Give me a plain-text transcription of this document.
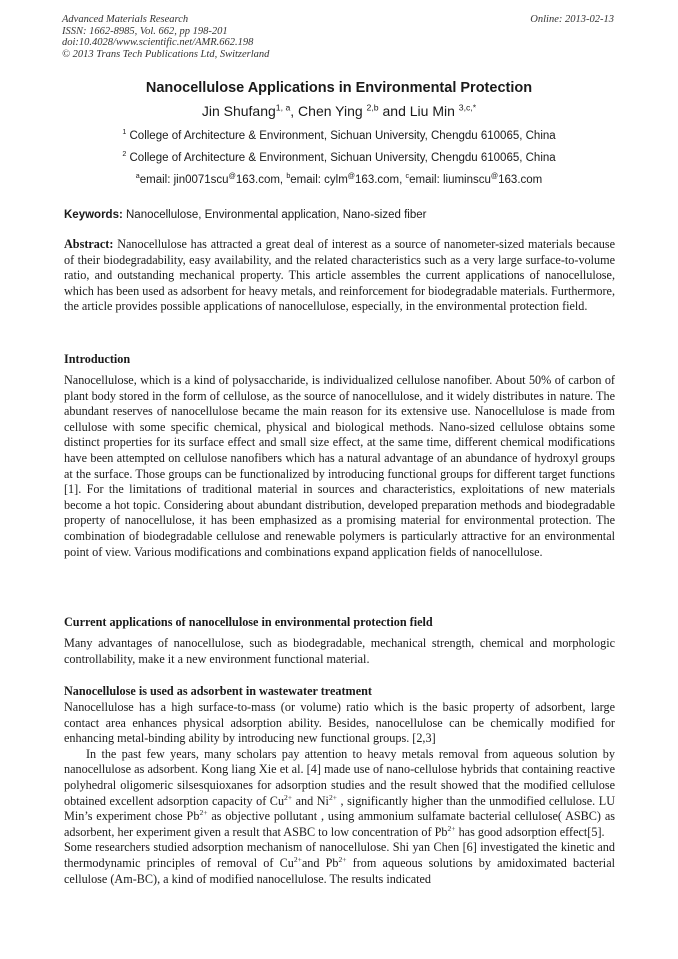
Advanced Materials Research
ISSN: 1662-8985, Vol. 662, pp 198-201
doi:10.4028/www.scientific.net/AMR.662.198
© 2013 Trans Tech Publications Ltd, Switzerland
Online: 2013-02-13
Nanocellulose Applications in Environmental Protection
Jin Shufang$^{1, a}$, Chen Ying $^{2,b}$ and Liu Min $^{3,c,*}$
$^1$ College of Architecture & Environment, Sichuan University, Chengdu 610065, China
$^2$ College of Architecture & Environment, Sichuan University, Chengdu 610065, China
$^a$email: jin0071scu@163.com, $^b$email: cylm@163.com, $^c$email: liuminscu@163.com
Keywords: Nanocellulose, Environmental application, Nano-sized fiber

Abstract: Nanocellulose has attracted a great deal of interest as a source of nanometer-sized materials because of their biodegradability, easy availability, and the related characteristics such as a very large surface-to-volume ratio, and outstanding mechanical property. This article assembles the current applications of nanocellulose, which has been used as adsorbent for heavy metals, and reinforcement for biodegradable materials. Furthermore, the article provides possible applications of nanocellulose, especially, in the environmental protection field.

Introduction

Nanocellulose, which is a kind of polysaccharide, is individualized cellulose nanofiber. About 50% of carbon of plant body stored in the form of cellulose, as the source of nanocellulose, and it widely distributes in nature. The abundant reserves of nanocellulose became the main reason for its extensive use. Nanocellulose is made from cellulose with some specific chemical, physical and biological methods. Nano-sized cellulose obtains some distinct properties for its surface effect and small size effect, at the same time, different chemical modifications have been attempted on cellulose nanofibers which has a natural advantage of an abundance of hydroxyl groups at the surface. Those groups can be functionalized by introducing functional groups for different target functions [1]. For the limitations of traditional material in sources and characteristics, exploitations of new materials become a hot topic. Considering about abundant distribution, developed preparation methods and biodegradable property of nanocellulose, it has been emphasized as a promising material for environmental protection. The combination of biodegradable cellulose and renewable polymers is particularly attractive for an environmental point of view. Various modifications and combinations expand application fields of nanocellulose.

Current applications of nanocellulose in environmental protection field

Many advantages of nanocellulose, such as biodegradable, mechanical strength, chemical and morphologic controllability, make it a new environment functional material.

Nanocellulose is used as adsorbent in wastewater treatment

Nanocellulose has a high surface-to-mass (or volume) ratio which is the basic property of adsorbent, large contact area enhances physical adsorption ability. Besides, nanocellulose can be chemically modified for enhancing metal-binding ability by introducing new functional groups. [2,3]

In the past few years, many scholars pay attention to heavy metals removal from aqueous solution by nanocellulose as adsorbent. Kong liang Xie et al. [4] made use of nano-cellulose hybrids that containing reactive polyhedral oligomeric silsesquioxanes for adsorption studies and the result showed that the modified cellulose obtained excellent adsorption capacity of $Cu^{2+}$ and $Ni^{2+}$ , significantly higher than the unmodified cellulose. LU Min’s experiment chose $Pb^{2+}$ as objective pollutant , using ammonium sulfamate bacterial cellulose( ASBC) as adsorbent, her experiment given a result that ASBC to low concentration of $Pb^{2+}$ has good adsorption effect[5].

Some researchers studied adsorption mechanism of nanocellulose. Shi yan Chen [6] investigated the kinetic and thermodynamic principles of removal of $Cu^{2+}and$ $Pb^{2+}$ from aqueous solutions by amidoximated bacterial cellulose (Am-BC), a kind of modified nanocellulose. The results indicated
